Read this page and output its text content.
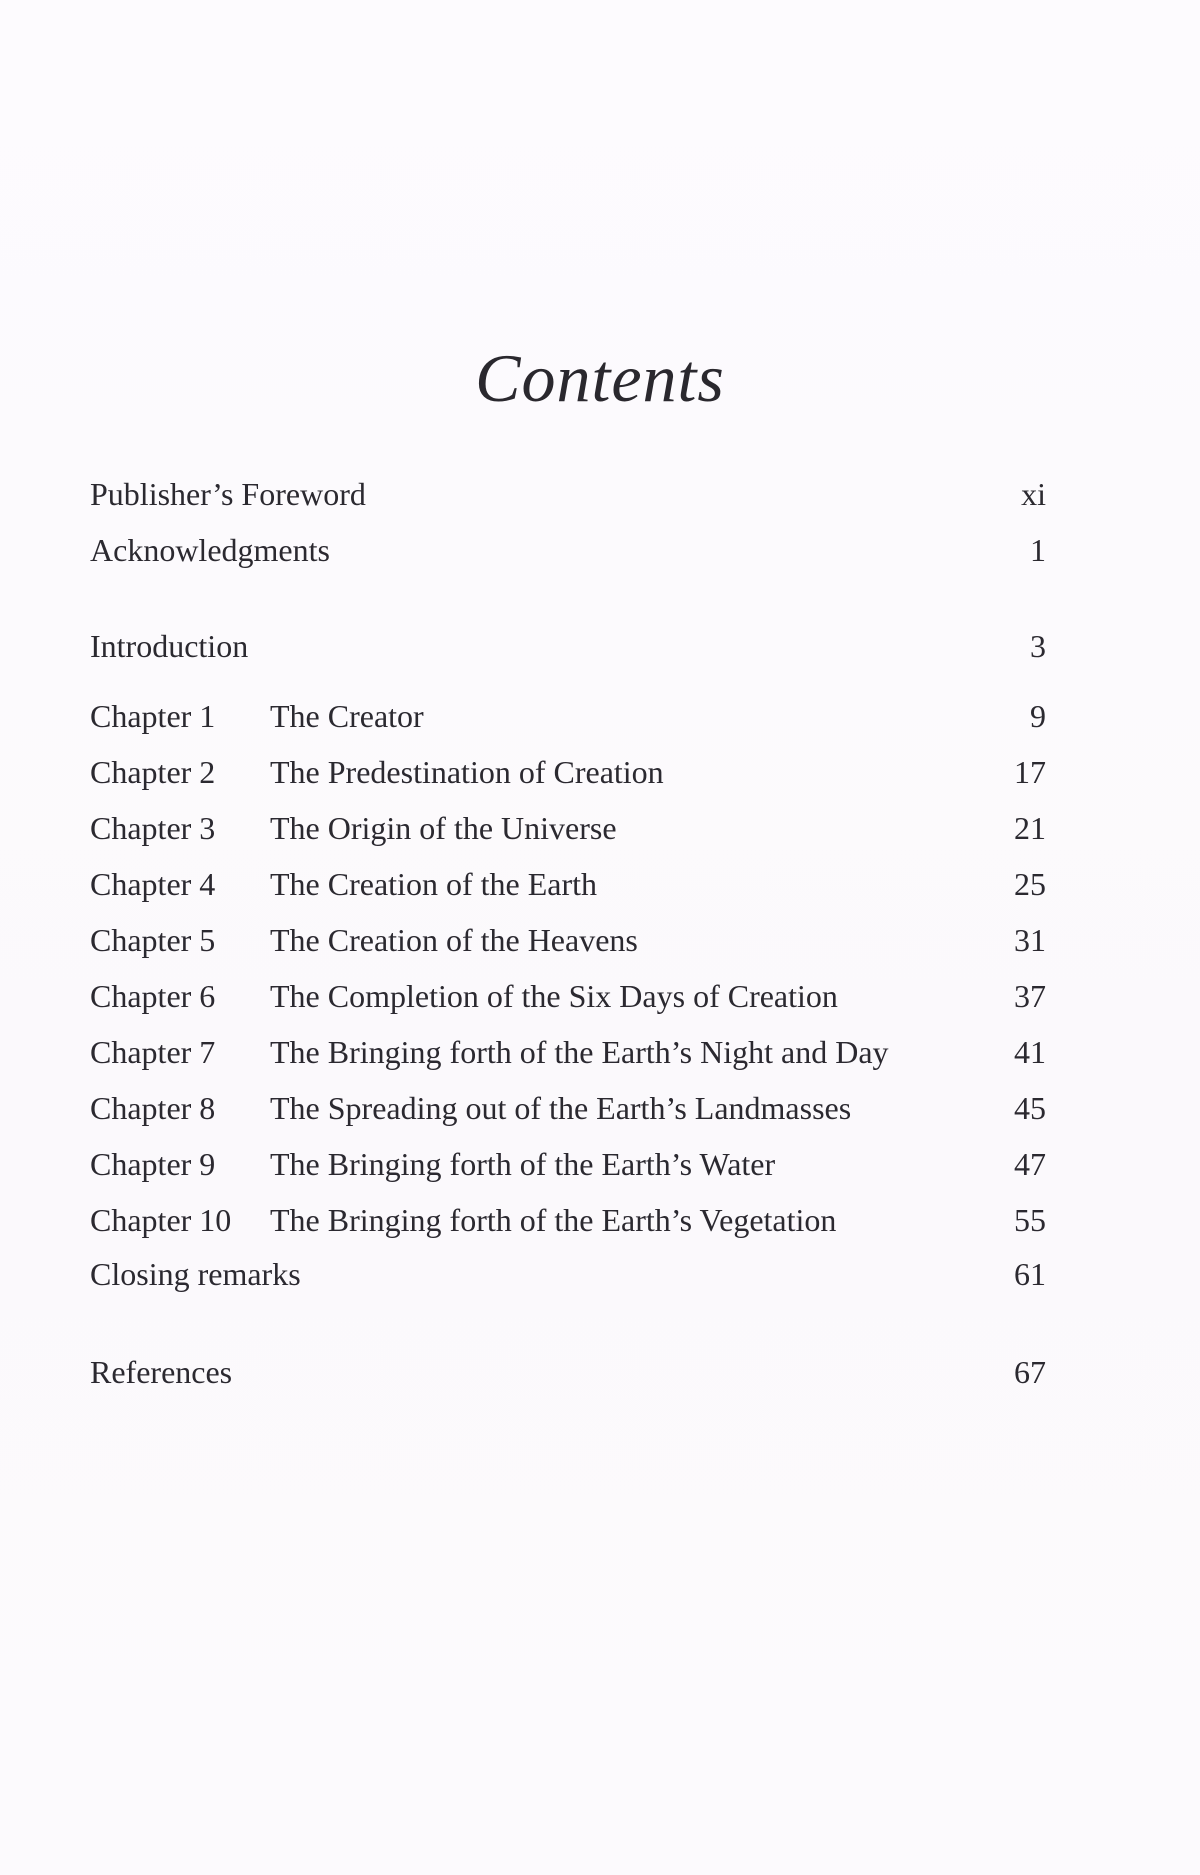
Contents
Publisher’s Foreword	xi
Acknowledgments	1
Introduction	3
Chapter 1 The Creator	9
Chapter 2 The Predestination of Creation	17
Chapter 3 The Origin of the Universe	21
Chapter 4 The Creation of the Earth	25
Chapter 5 The Creation of the Heavens	31
Chapter 6 The Completion of the Six Days of Creation	37
Chapter 7 The Bringing forth of the Earth’s Night and Day	41
Chapter 8 The Spreading out of the Earth’s Landmasses	45
Chapter 9 The Bringing forth of the Earth’s Water	47
Chapter 10 The Bringing forth of the Earth’s Vegetation	55
Closing remarks	61
References	67
